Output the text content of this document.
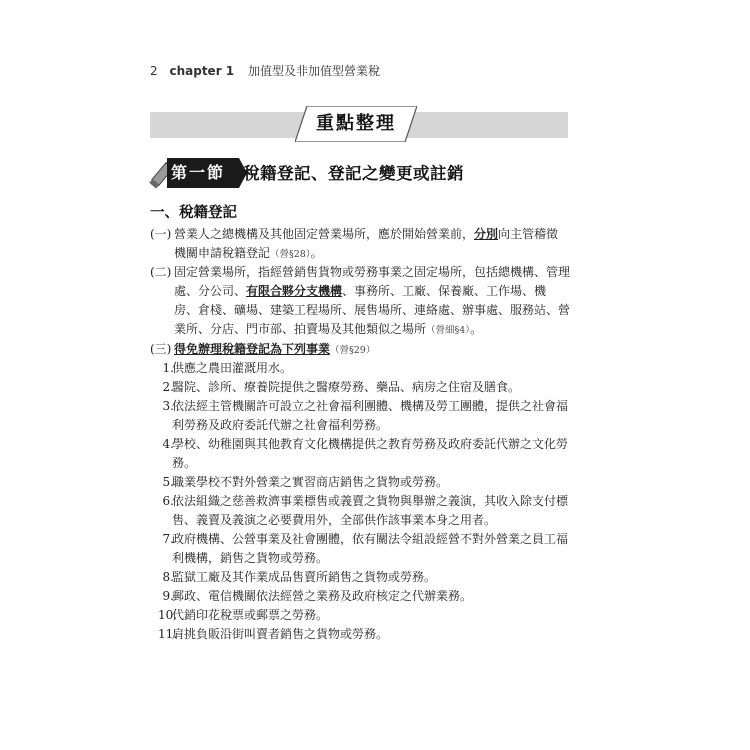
2 chapter 1 加值型及非加值型營業稅
重點整理
第一節 稅籍登記、登記之變更或註銷
一、稅籍登記
(一) 營業人之總機構及其他固定營業場所，應於開始營業前，分別向主管稽徵機關申請稅籍登記（營§28）。
(二) 固定營業場所，指經營銷售貨物或勞務事業之固定場所，包括總機構、管理處、分公司、有限合夥分支機構、事務所、工廠、保養廠、工作場、機房、倉棧、礦場、建築工程場所、展售場所、連絡處、辦事處、服務站、營業所、分店、門市部、拍賣場及其他類似之場所（營細§4）。
(三) 得免辦理稅籍登記為下列事業（營§29）
1.
供應之農田灌溉用水。
2.
醫院、診所、療養院提供之醫療勞務、藥品、病房之住宿及膳食。
3.
依法經主管機關許可設立之社會福利團體、機構及勞工團體，提供之社會福利勞務及政府委託代辦之社會福利勞務。
4.
學校、幼稚園與其他教育文化機構提供之教育勞務及政府委託代辦之文化勞務。
5.
職業學校不對外營業之實習商店銷售之貨物或勞務。
6.
依法組織之慈善救濟事業標售或義賣之貨物與舉辦之義演，其收入除支付標售、義賣及義演之必要費用外，全部供作該事業本身之用者。
7.
政府機構、公營事業及社會團體，依有關法令組設經營不對外營業之員工福利機構，銷售之貨物或勞務。
8.
監獄工廠及其作業成品售賣所銷售之貨物或勞務。
9.
郵政、電信機關依法經營之業務及政府核定之代辦業務。
10.
代銷印花稅票或郵票之勞務。
11.
肩挑負販沿街叫賣者銷售之貨物或勞務。
